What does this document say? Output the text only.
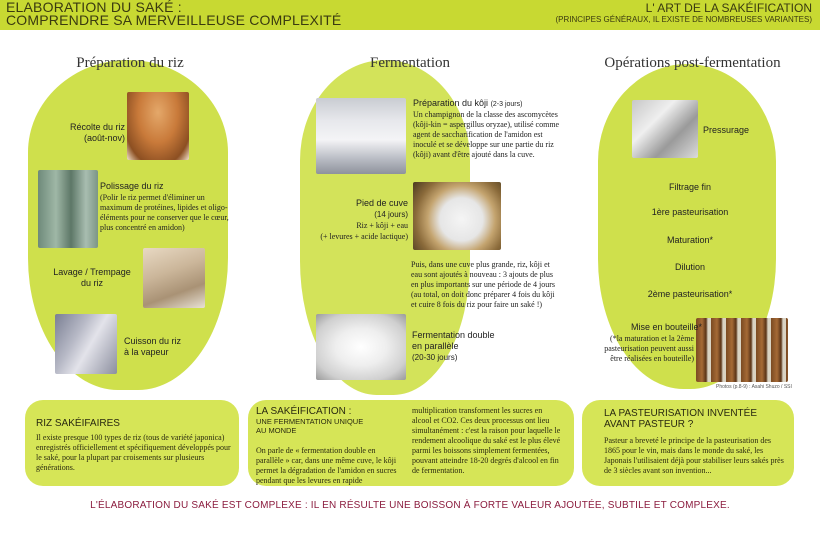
ELABORATION DU SAKÉ :
COMPRENDRE SA MERVEILLEUSE COMPLEXITÉ
L' ART DE LA SAKÉIFICATION
(PRINCIPES GÉNÉRAUX, IL EXISTE DE NOMBREUSES VARIANTES)
Préparation du riz	Fermentation	Opérations post-fermentation
Récolte du riz
(août-nov)
Polissage du riz
(Polir le riz permet d'éliminer un maximum de protéines, lipides et oligo-éléments pour ne conserver que le cœur, plus concentré en amidon)
Lavage / Trempage
du riz
Cuisson du riz
à la vapeur
Préparation du kôji (2-3 jours)
Un champignon de la classe des ascomycètes (kôji-kin = aspergillus oryzae), utilisé comme agent de saccharification de l'amidon est inoculé et se développe sur une partie du riz (kôji) avant d'être ajouté dans la cuve.
Pied de cuve
(14 jours)
Riz + kôji + eau
(+ levures + acide lactique)
Puis, dans une cuve plus grande, riz, kôji et eau sont ajoutés à nouveau : 3 ajouts de plus en plus importants sur une période de 4 jours (au total, on doit donc préparer 4 fois du kôji et cuire 8 fois du riz pour faire un saké !)
Fermentation double
en parallèle
(20-30 jours)
Pressurage
Filtrage fin
1ère pasteurisation
Maturation*
Dilution
2ème pasteurisation*
Mise en bouteille*
(*la maturation et la 2ème pasteurisation peuvent aussi être réalisées en bouteille)
Photos (p.8-9) : Asahi Shuzo / SSI
RIZ SAKÉIFAIRES
Il existe presque 100 types de riz (tous de variété japonica) enregistrés officiellement et spécifiquement développés pour le saké, pour la plupart par croisements sur plusieurs générations.
LA SAKÉIFICATION :
UNE FERMENTATION UNIQUE
AU MONDE
On parle de « fermentation double en parallèle » car, dans une même cuve, le kôji permet la dégradation de l'amidon en sucres pendant que les levures en rapide
multiplication transforment les sucres en alcool et CO2. Ces deux processus ont lieu simultanément : c'est la raison pour laquelle le rendement alcoolique du saké est le plus élevé parmi les boissons simplement fermentées, pouvant atteindre 18-20 degrés d'alcool en fin de fermentation.
LA PASTEURISATION INVENTÉE
AVANT PASTEUR ?
Pasteur a breveté le principe de la pasteurisation des 1865 pour le vin, mais dans le monde du saké, les Japonais l'utilisaient déjà pour stabiliser leurs sakés près de 3 siècles avant son invention...
L'ÉLABORATION DU SAKÉ EST COMPLEXE : IL EN RÉSULTE UNE BOISSON À FORTE VALEUR AJOUTÉE, SUBTILE ET COMPLEXE.
